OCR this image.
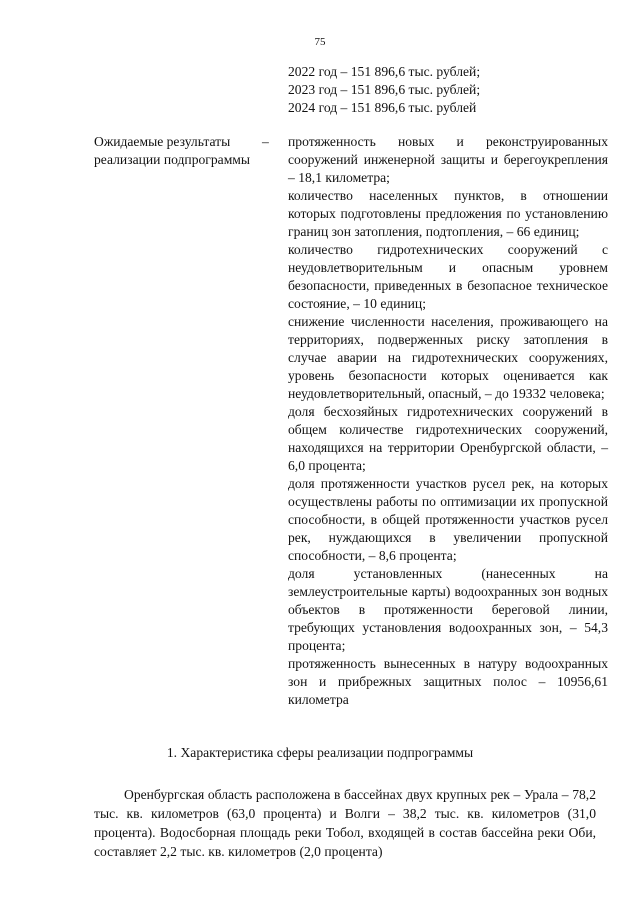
75
2022 год – 151 896,6 тыс. рублей;
2023 год – 151 896,6 тыс. рублей;
2024 год – 151 896,6 тыс. рублей
Ожидаемые результаты реализации подпрограммы
– протяженность новых и реконструированных сооружений инженерной защиты и берегоукрепления – 18,1 километра;
количество населенных пунктов, в отношении которых подготовлены предложения по установлению границ зон затопления, подтопления, – 66 единиц;
количество гидротехнических сооружений с неудовлетворительным и опасным уровнем безопасности, приведенных в безопасное техническое состояние, – 10 единиц;
снижение численности населения, проживающего на территориях, подверженных риску затопления в случае аварии на гидротехнических сооружениях, уровень безопасности которых оценивается как неудовлетворительный, опасный, – до 19332 человека;
доля бесхозяйных гидротехнических сооружений в общем количестве гидротехнических сооружений, находящихся на территории Оренбургской области, – 6,0 процента;
доля протяженности участков русел рек, на которых осуществлены работы по оптимизации их пропускной способности, в общей протяженности участков русел рек, нуждающихся в увеличении пропускной способности, – 8,6 процента;
доля установленных (нанесенных на землеустроительные карты) водоохранных зон водных объектов в протяженности береговой линии, требующих установления водоохранных зон, – 54,3 процента;
протяженность вынесенных в натуру водоохранных зон и прибрежных защитных полос – 10956,61 километра
1. Характеристика сферы реализации подпрограммы
Оренбургская область расположена в бассейнах двух крупных рек – Урала – 78,2 тыс. кв. километров (63,0 процента) и Волги – 38,2 тыс. кв. километров (31,0 процента). Водосборная площадь реки Тобол, входящей в состав бассейна реки Оби, составляет 2,2 тыс. кв. километров (2,0 процента)
